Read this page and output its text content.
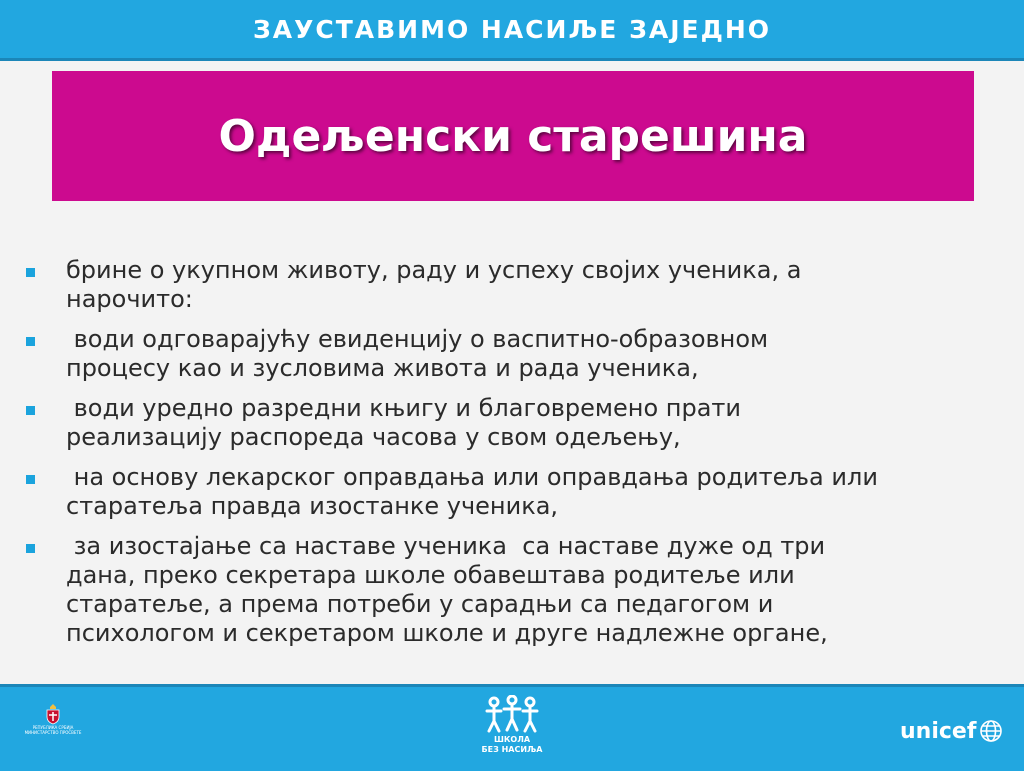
ЗАУСТАВИМО НАСИЉЕ ЗАЈЕДНО
Одељенски старешина
брине о укупном животу, раду и успеху својих ученика, а
нарочито:
води одговарајућу евиденцију о васпитно-образовном
процесу као и зусловима живота и рада ученика,
води уредно разредни књигу и благовремено прати
реализацију распореда часова у свом одељењу,
на основу лекарског оправдања или оправдања родитеља или
старатеља правда изостанке ученика,
за изостајање са наставе ученика  са наставе дуже од три
дана, преко секретара школе обавештава родитеље или
старатеље, а према потреби у сарадњи са педагогом и
психологом и секретаром школе и друге надлежне органе,
РЕПУБЛИКА СРБИЈА
МИНИСТАРСТВО ПРОСВЕТЕ
ШКОЛА
БЕЗ НАСИЉА
unicef
